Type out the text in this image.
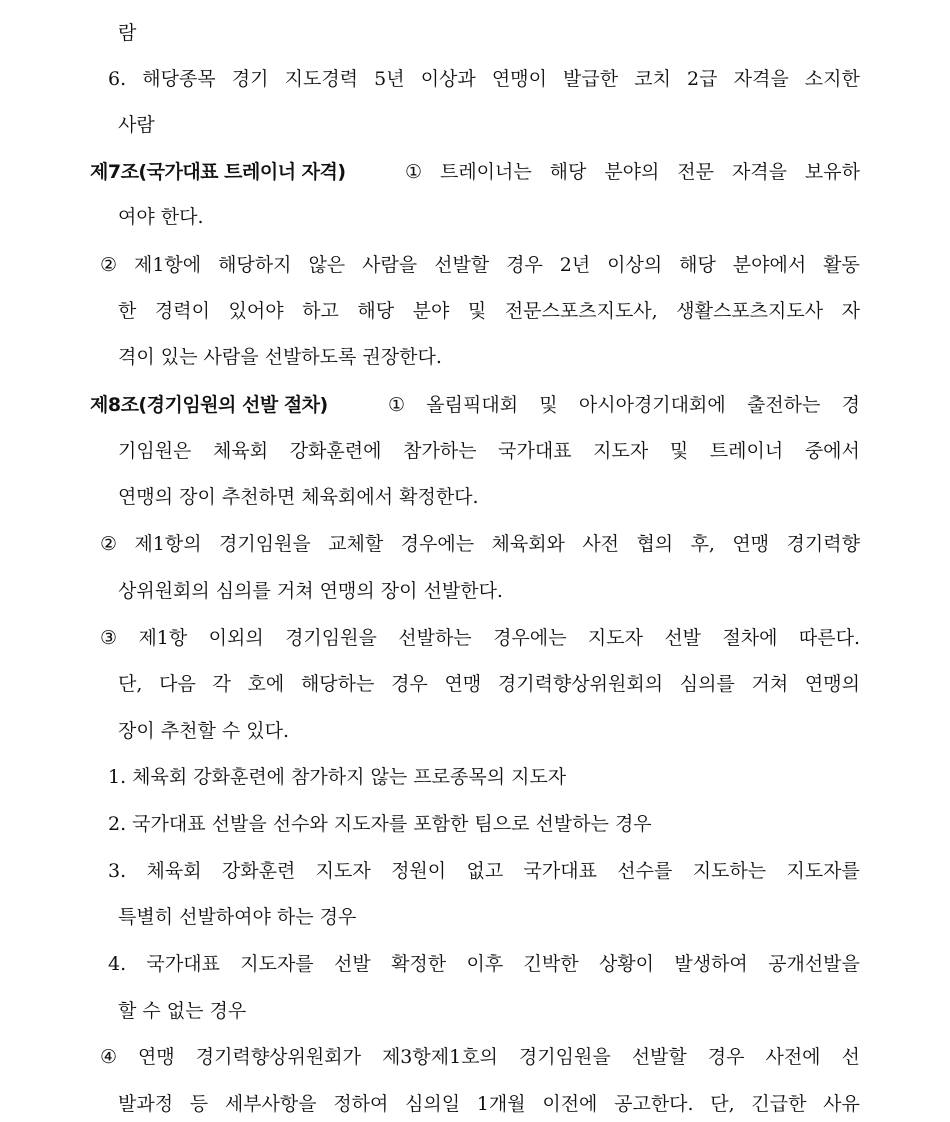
람
6. 해당종목 경기 지도경력 5년 이상과 연맹이 발급한 코치 2급 자격을 소지한
사람
제7조(국가대표 트레이너 자격)	① 트레이너는 해당 분야의 전문 자격을 보유하
여야 한다.
② 제1항에 해당하지 않은 사람을 선발할 경우 2년 이상의 해당 분야에서 활동
한 경력이 있어야 하고 해당 분야 및 전문스포츠지도사, 생활스포츠지도사 자
격이 있는 사람을 선발하도록 권장한다.
제8조(경기임원의 선발 절차)	① 올림픽대회 및 아시아경기대회에 출전하는 경
기임원은 체육회 강화훈련에 참가하는 국가대표 지도자 및 트레이너 중에서
연맹의 장이 추천하면 체육회에서 확정한다.
② 제1항의 경기임원을 교체할 경우에는 체육회와 사전 협의 후, 연맹 경기력향
상위원회의 심의를 거쳐 연맹의 장이 선발한다.
③ 제1항 이외의 경기임원을 선발하는 경우에는 지도자 선발 절차에 따른다.
단, 다음 각 호에 해당하는 경우 연맹 경기력향상위원회의 심의를 거쳐 연맹의
장이 추천할 수 있다.
1. 체육회 강화훈련에 참가하지 않는 프로종목의 지도자
2. 국가대표 선발을 선수와 지도자를 포함한 팀으로 선발하는 경우
3. 체육회 강화훈련 지도자 정원이 없고 국가대표 선수를 지도하는 지도자를
특별히 선발하여야 하는 경우
4. 국가대표 지도자를 선발 확정한 이후 긴박한 상황이 발생하여 공개선발을
할 수 없는 경우
④ 연맹 경기력향상위원회가 제3항제1호의 경기임원을 선발할 경우 사전에 선
발과정 등 세부사항을 정하여 심의일 1개월 이전에 공고한다. 단, 긴급한 사유
